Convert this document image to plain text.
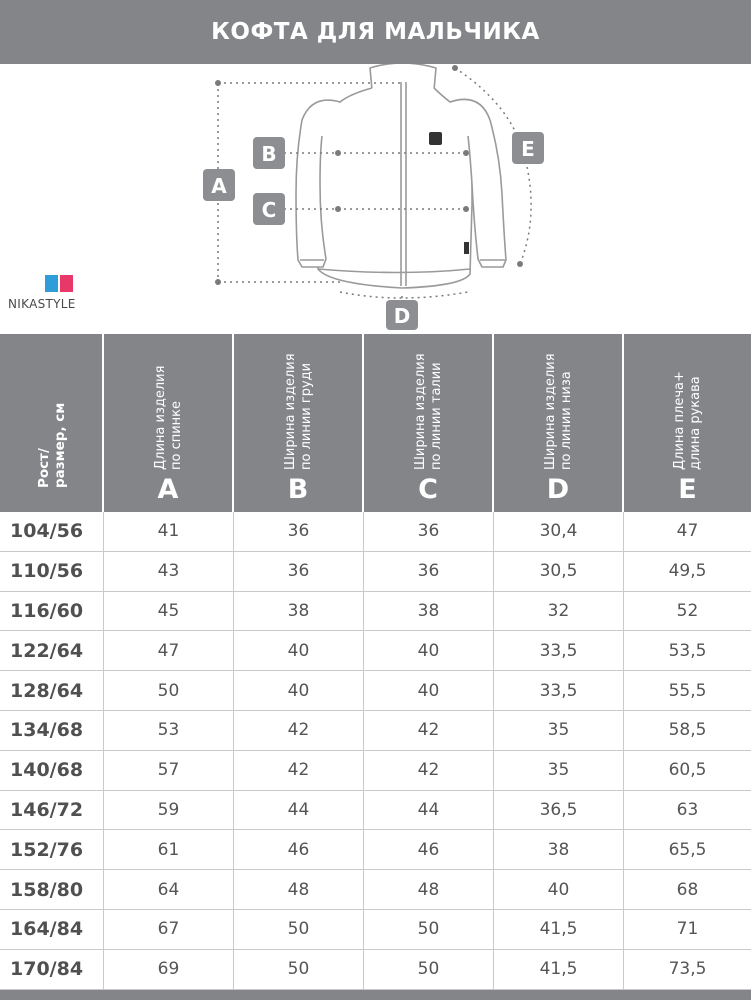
КОФТА ДЛЯ МАЛЬЧИКА
A
B
C
D
E
NIKASTYLE
Рост/
размер, см
Длина изделия
по спинке
A
Ширина изделия
по линии груди
B
Ширина изделия
по линии талии
C
Ширина изделия
по линии низа
D
Длина плеча+
длина рукава
E
104/56	41	36	36	30,4	47
110/56	43	36	36	30,5	49,5
116/60	45	38	38	32	52
122/64	47	40	40	33,5	53,5
128/64	50	40	40	33,5	55,5
134/68	53	42	42	35	58,5
140/68	57	42	42	35	60,5
146/72	59	44	44	36,5	63
152/76	61	46	46	38	65,5
158/80	64	48	48	40	68
164/84	67	50	50	41,5	71
170/84	69	50	50	41,5	73,5
